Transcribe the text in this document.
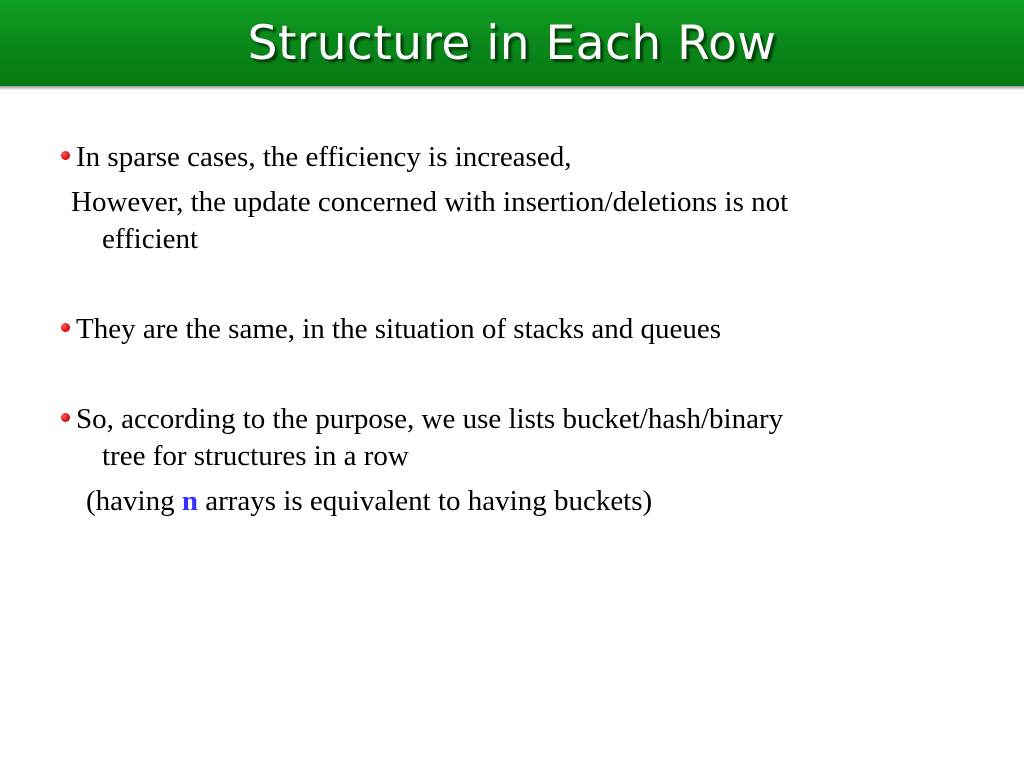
Structure in Each Row
In sparse cases, the efficiency is increased,
However, the update concerned with insertion/deletions is not
efficient
They are the same, in the situation of stacks and queues
So, according to the purpose, we use lists bucket/hash/binary
tree for structures in a row
(having n arrays is equivalent to having buckets)
